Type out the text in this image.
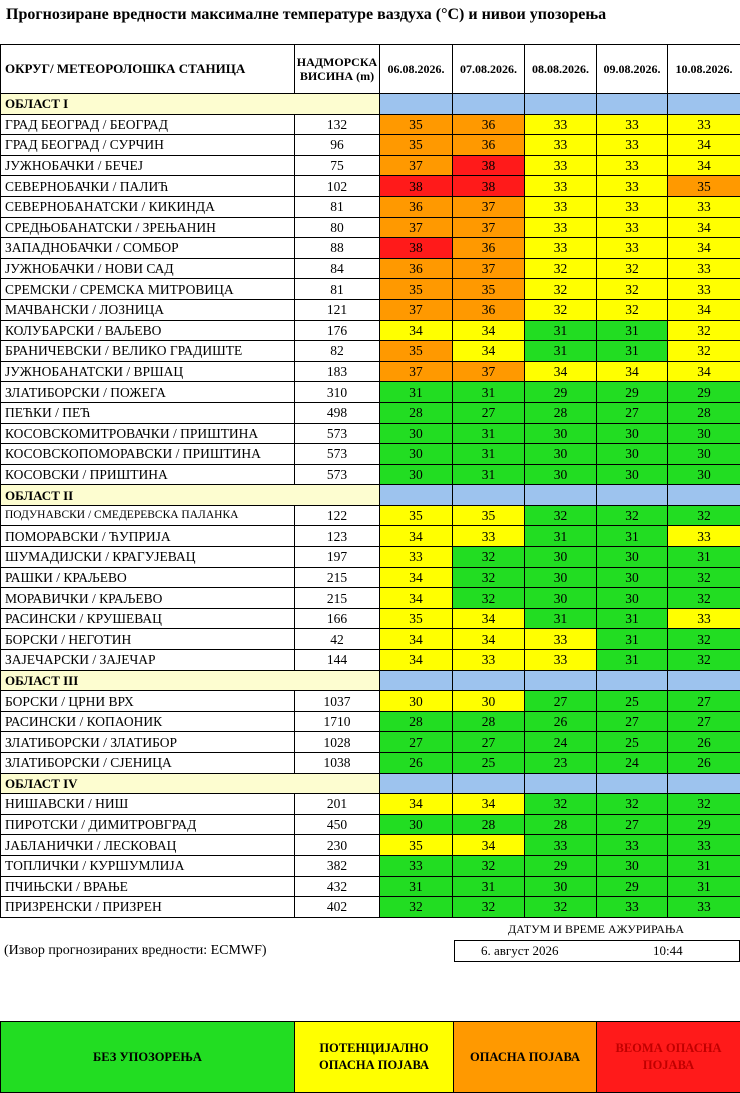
Прогнозиране вредности максималне температуре ваздуха (°C) и нивои упозорења
ОКРУГ/ МЕТЕОРОЛОШКА СТАНИЦА	НАДМОРСКА ВИСИНА (m)	06.08.2026.	07.08.2026.	08.08.2026.	09.08.2026.	10.08.2026.
ОБЛАСТ I						
ГРАД БЕОГРАД / БЕОГРАД	132	35	36	33	33	33
ГРАД БЕОГРАД / СУРЧИН	96	35	36	33	33	34
ЈУЖНОБАЧКИ / БЕЧЕЈ	75	37	38	33	33	34
СЕВЕРНОБАЧКИ / ПАЛИЋ	102	38	38	33	33	35
СЕВЕРНОБАНАТСКИ / КИКИНДА	81	36	37	33	33	33
СРЕДЊОБАНАТСКИ / ЗРЕЊАНИН	80	37	37	33	33	34
ЗАПАДНОБАЧКИ / СОМБОР	88	38	36	33	33	34
ЈУЖНОБАЧКИ / НОВИ САД	84	36	37	32	32	33
СРЕМСКИ / СРЕМСКА МИТРОВИЦА	81	35	35	32	32	33
МАЧВАНСКИ / ЛОЗНИЦА	121	37	36	32	32	34
КОЛУБАРСКИ / ВАЉЕВО	176	34	34	31	31	32
БРАНИЧЕВСКИ / ВЕЛИКО ГРАДИШТЕ	82	35	34	31	31	32
ЈУЖНОБАНАТСКИ / ВРШАЦ	183	37	37	34	34	34
ЗЛАТИБОРСКИ / ПОЖЕГА	310	31	31	29	29	29
ПЕЋКИ / ПЕЋ	498	28	27	28	27	28
КОСОВСКОМИТРОВАЧКИ / ПРИШТИНА	573	30	31	30	30	30
КОСОВСКОПОМОРАВСКИ / ПРИШТИНА	573	30	31	30	30	30
КОСОВСКИ / ПРИШТИНА	573	30	31	30	30	30
ОБЛАСТ II						
ПОДУНАВСКИ / СМЕДЕРЕВСКА ПАЛАНКА	122	35	35	32	32	32
ПОМОРАВСКИ / ЋУПРИЈА	123	34	33	31	31	33
ШУМАДИЈСКИ / КРАГУЈЕВАЦ	197	33	32	30	30	31
РАШКИ / КРАЉЕВО	215	34	32	30	30	32
МОРАВИЧКИ / КРАЉЕВО	215	34	32	30	30	32
РАСИНСКИ / КРУШЕВАЦ	166	35	34	31	31	33
БОРСКИ / НЕГОТИН	42	34	34	33	31	32
ЗАЈЕЧАРСКИ / ЗАЈЕЧАР	144	34	33	33	31	32
ОБЛАСТ III						
БОРСКИ / ЦРНИ ВРХ	1037	30	30	27	25	27
РАСИНСКИ / КОПАОНИК	1710	28	28	26	27	27
ЗЛАТИБОРСКИ / ЗЛАТИБОР	1028	27	27	24	25	26
ЗЛАТИБОРСКИ / СЈЕНИЦА	1038	26	25	23	24	26
ОБЛАСТ IV						
НИШАВСКИ / НИШ	201	34	34	32	32	32
ПИРОТСКИ / ДИМИТРОВГРАД	450	30	28	28	27	29
ЈАБЛАНИЧКИ / ЛЕСКОВАЦ	230	35	34	33	33	33
ТОПЛИЧКИ / КУРШУМЛИЈА	382	33	32	29	30	31
ПЧИЊСКИ / ВРАЊЕ	432	31	31	30	29	31
ПРИЗРЕНСКИ / ПРИЗРЕН	402	32	32	32	33	33
ДАТУМ И ВРЕМЕ АЖУРИРАЊА
6. август 2026	10:44
(Извор прогнозираних вредности: ECMWF)
БЕЗ УПОЗОРЕЊА	ПОТЕНЦИЈАЛНО ОПАСНА ПОЈАВА	ОПАСНА ПОЈАВА	ВЕОМА ОПАСНА ПОЈАВА
